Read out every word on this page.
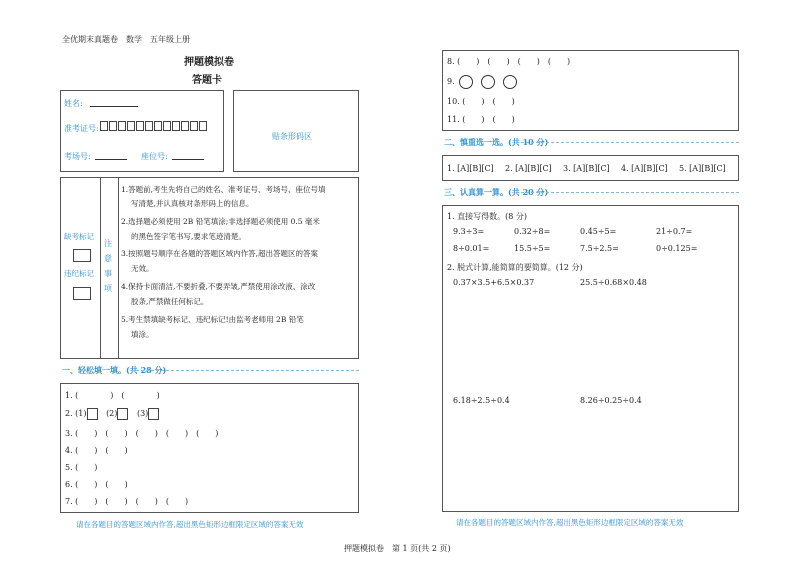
全优期末真题卷　数学　五年级上册
押题模拟卷
答题卡
姓名:
准考证号:
考场号:	座位号:
贴条形码区
缺考标记
违纪标记
注意事项
1.答题前,考生先将自己的姓名、准考证号、考场号、座位号填
写清楚,并认真核对条形码上的信息。
2.选择题必须使用 2B 铅笔填涂;非选择题必须使用 0.5 毫米
的黑色签字笔书写,要求笔迹清楚。
3.按照题号顺序在各题的答题区域内作答,超出答题区的答案
无效。
4.保持卡面清洁,不要折叠,不要弄皱,严禁使用涂改液、涂改
胶条,严禁做任何标记。
5.考生禁填缺考标记、违纪标记!由监考老师用 2B 铅笔
填涂。
一、轻松填一填。(共 28 分)
1. (　　　　)　(　　　　)
2. (1) (2) (3)
3. (　　)　(　　)　(　　)　(　　)　(　　)
4. (　　)　(　　)
5. (　　)
6. (　　)　(　　)
7. (　　)　(　　)　(　　)　(　　)
请在各题目的答题区域内作答,超出黑色矩形边框限定区域的答案无效
8. (　　)　(　　)　(　　)　(　　)
9.
10. (　　)　(　　)
11. (　　)　(　　)
二、慎重选一选。(共 10 分)
1. [A][B][C] 2. [A][B][C] 3. [A][B][C] 4. [A][B][C] 5. [A][B][C]
三、认真算一算。(共 20 分)
1. 直接写得数。(8 分)
9.3÷3=	0.32÷8=	0.45÷5=	21÷0.7=
8÷0.01=	15.5÷5=	7.5÷2.5=	0÷0.125=
2. 脱式计算,能简算的要简算。(12 分)
0.37×3.5+6.5×0.37	25.5÷0.68×0.48
6.18÷2.5÷0.4	8.26÷0.25÷0.4
请在各题目的答题区域内作答,超出黑色矩形边框限定区域的答案无效
押题模拟卷　第 1 页(共 2 页)
